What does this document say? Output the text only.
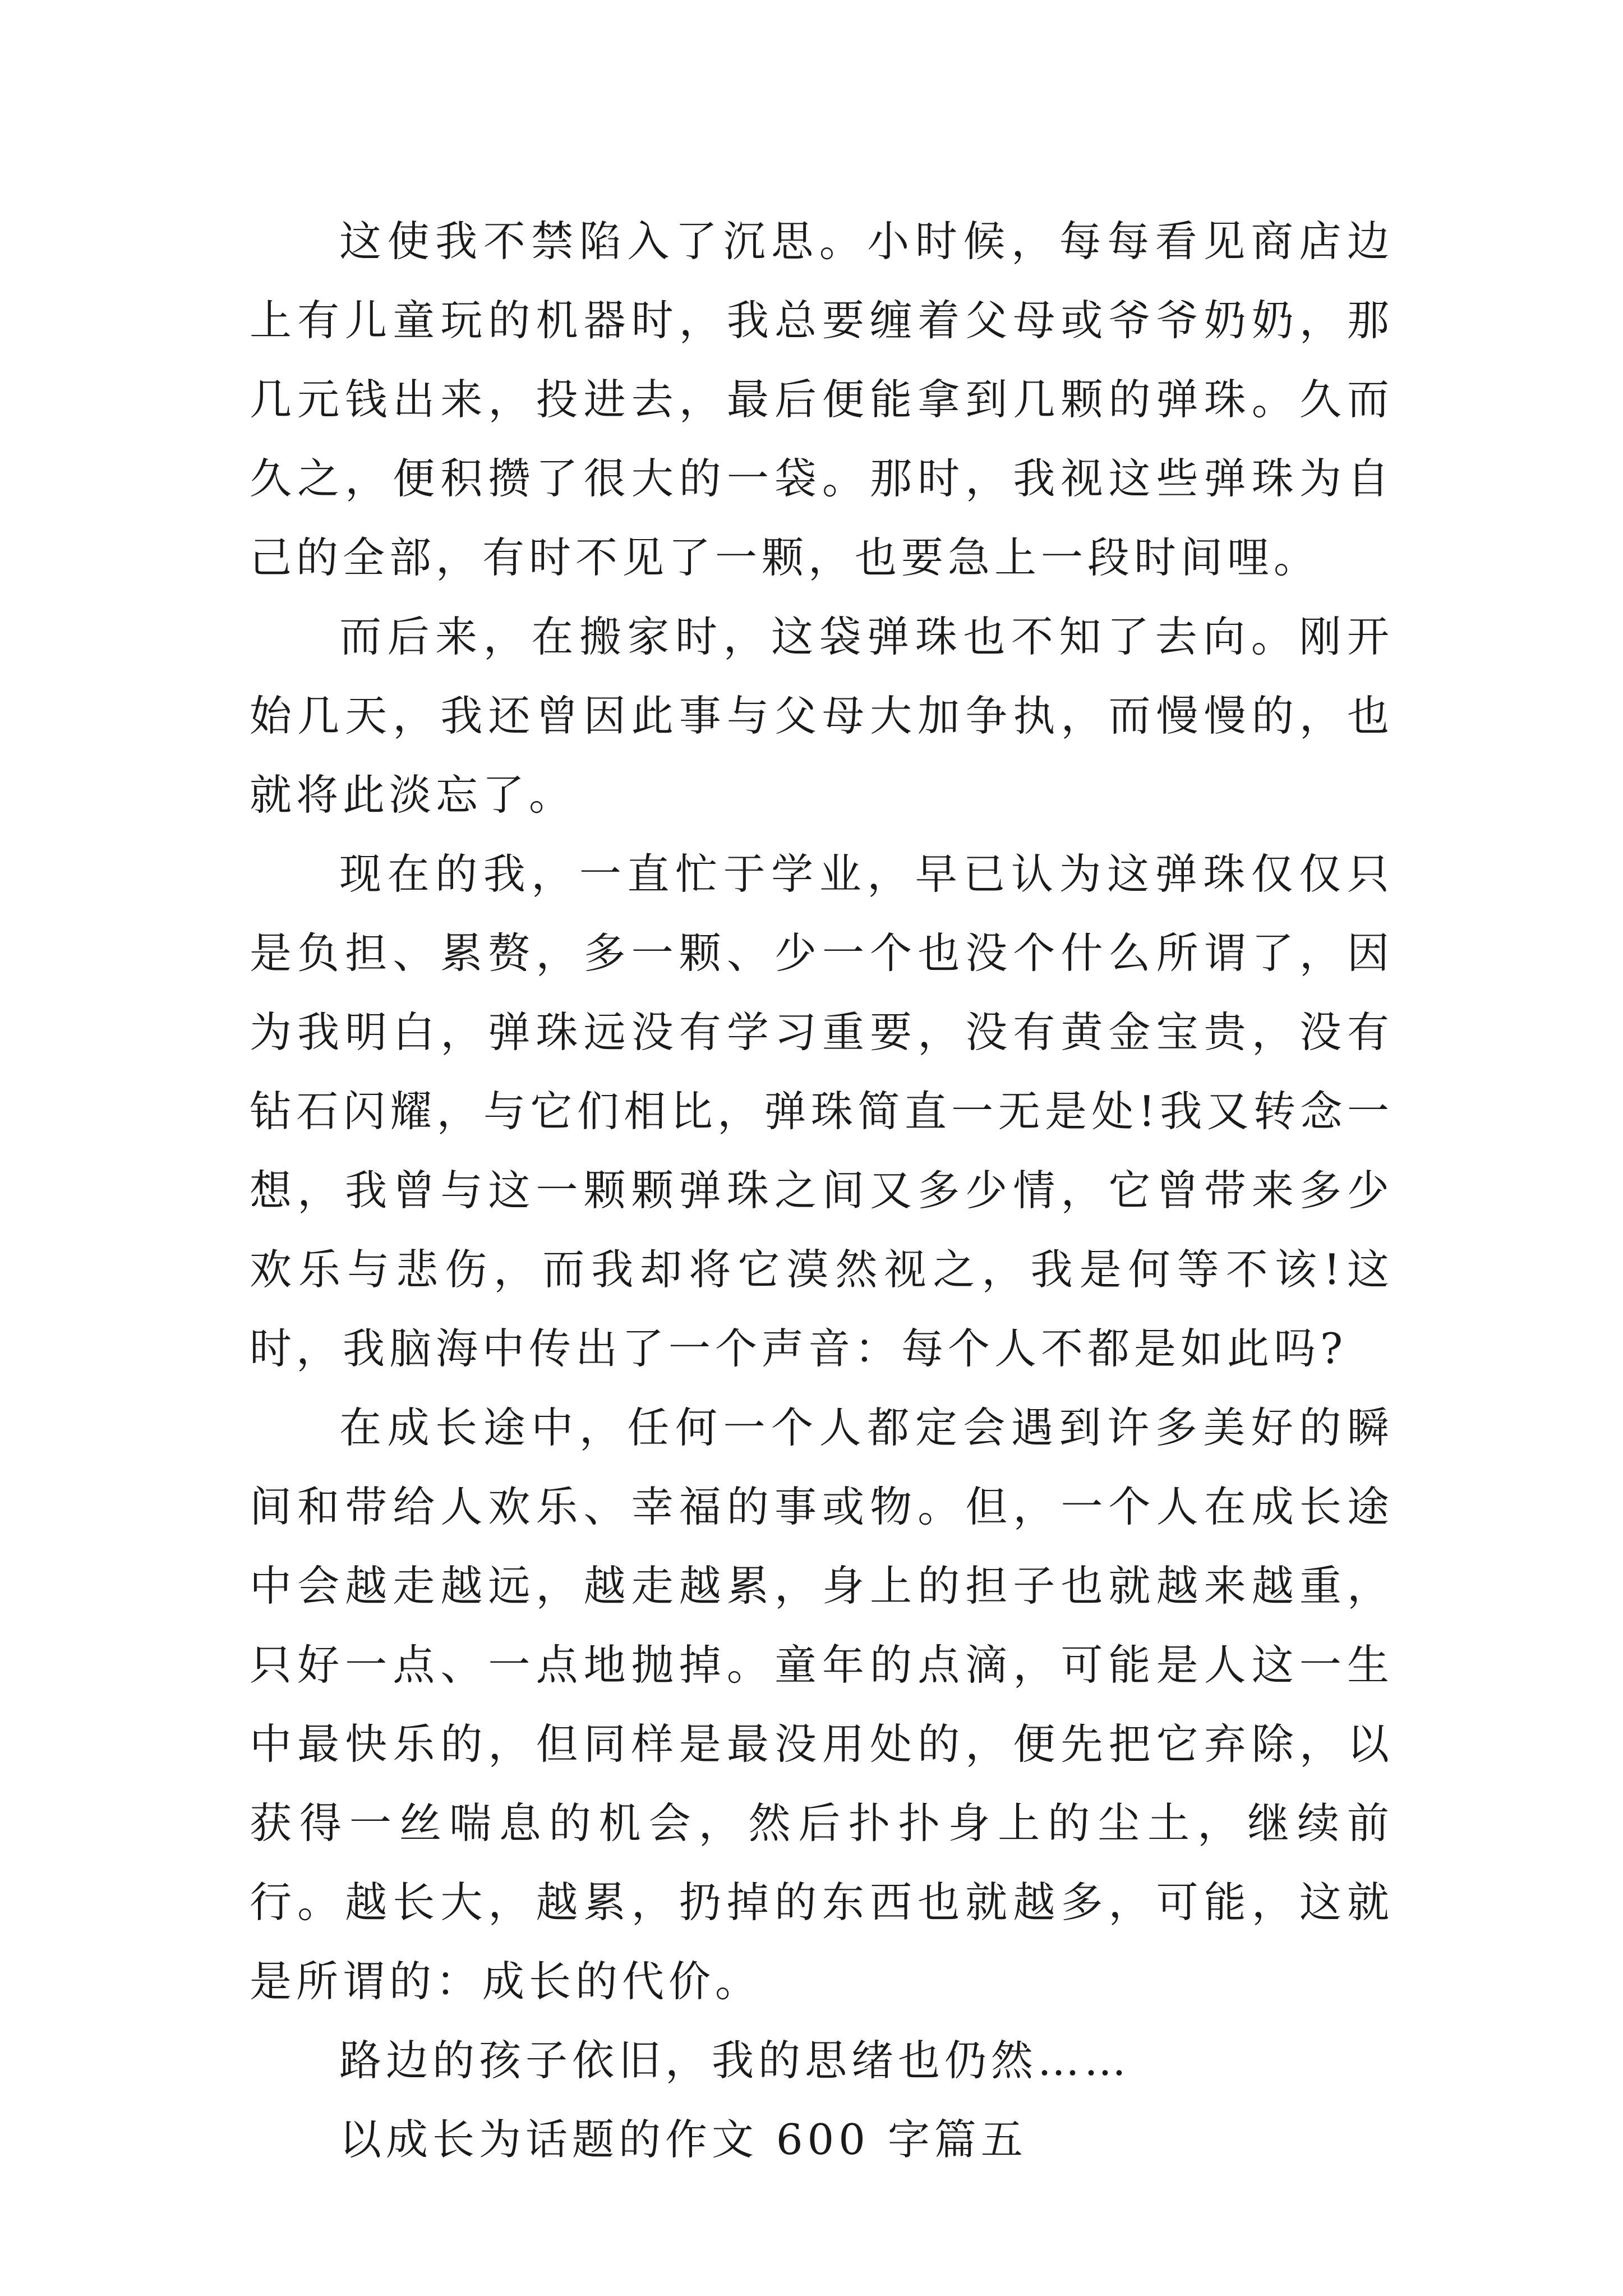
这使我不禁陷入了沉思。小时候，每每看见商店边上有儿童玩的机器时，我总要缠着父母或爷爷奶奶，那几元钱出来，投进去，最后便能拿到几颗的弹珠。久而久之，便积攒了很大的一袋。那时，我视这些弹珠为自己的全部，有时不见了一颗，也要急上一段时间哩。

而后来，在搬家时，这袋弹珠也不知了去向。刚开始几天，我还曾因此事与父母大加争执，而慢慢的，也就将此淡忘了。

现在的我，一直忙于学业，早已认为这弹珠仅仅只是负担、累赘，多一颗、少一个也没个什么所谓了，因为我明白，弹珠远没有学习重要，没有黄金宝贵，没有钻石闪耀，与它们相比，弹珠简直一无是处!我又转念一想，我曾与这一颗颗弹珠之间又多少情，它曾带来多少欢乐与悲伤，而我却将它漠然视之，我是何等不该!这时，我脑海中传出了一个声音：每个人不都是如此吗?

在成长途中，任何一个人都定会遇到许多美好的瞬间和带给人欢乐、幸福的事或物。但，一个人在成长途中会越走越远，越走越累，身上的担子也就越来越重，只好一点、一点地抛掉。童年的点滴，可能是人这一生中最快乐的，但同样是最没用处的，便先把它弃除，以获得一丝喘息的机会，然后扑扑身上的尘土，继续前行。越长大，越累，扔掉的东西也就越多，可能，这就是所谓的：成长的代价。

路边的孩子依旧，我的思绪也仍然……

以成长为话题的作文 600 字篇五
